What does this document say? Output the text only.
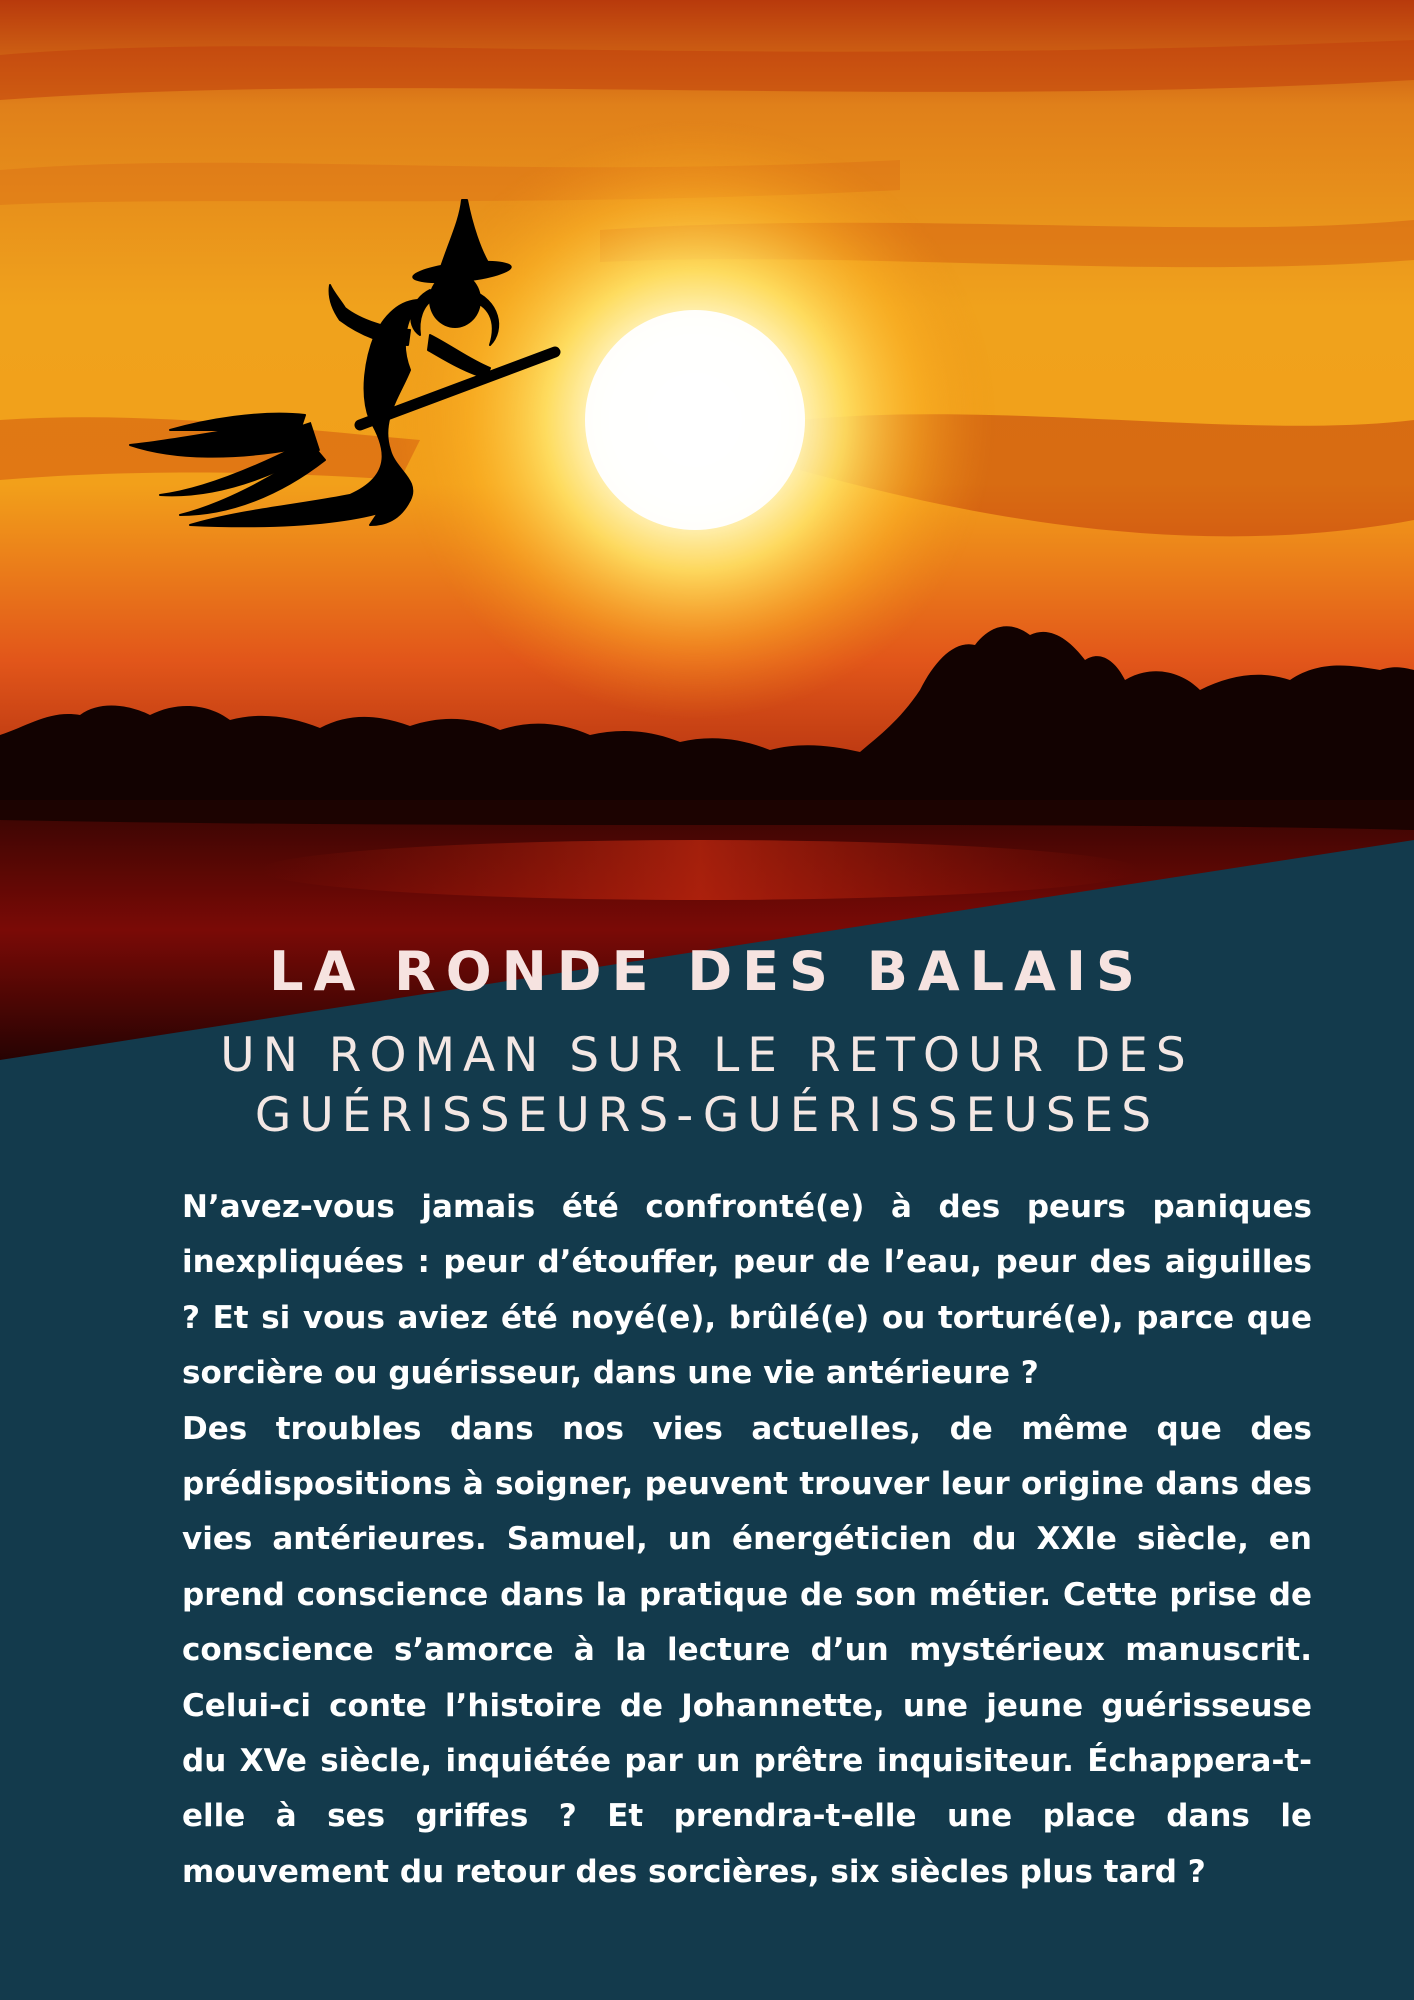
LA RONDE DES BALAIS
UN ROMAN SUR LE RETOUR DES
GUÉRISSEURS-GUÉRISSEUSES

N’avez-vous jamais été confronté(e) à des peurs paniques inexpliquées : peur d’étouffer, peur de l’eau, peur des aiguilles ? Et si vous aviez été noyé(e), brûlé(e) ou torturé(e), parce que sorcière ou guérisseur, dans une vie antérieure ?

Des troubles dans nos vies actuelles, de même que des prédispositions à soigner, peuvent trouver leur origine dans des vies antérieures. Samuel, un énergéticien du XXIe siècle, en prend conscience dans la pratique de son métier. Cette prise de conscience s’amorce à la lecture d’un mystérieux manuscrit. Celui-ci conte l’histoire de Johannette, une jeune guérisseuse du XVe siècle, inquiétée par un prêtre inquisiteur. Échappera-t-elle à ses griffes ? Et prendra-t-elle une place dans le mouvement du retour des sorcières, six siècles plus tard ?
